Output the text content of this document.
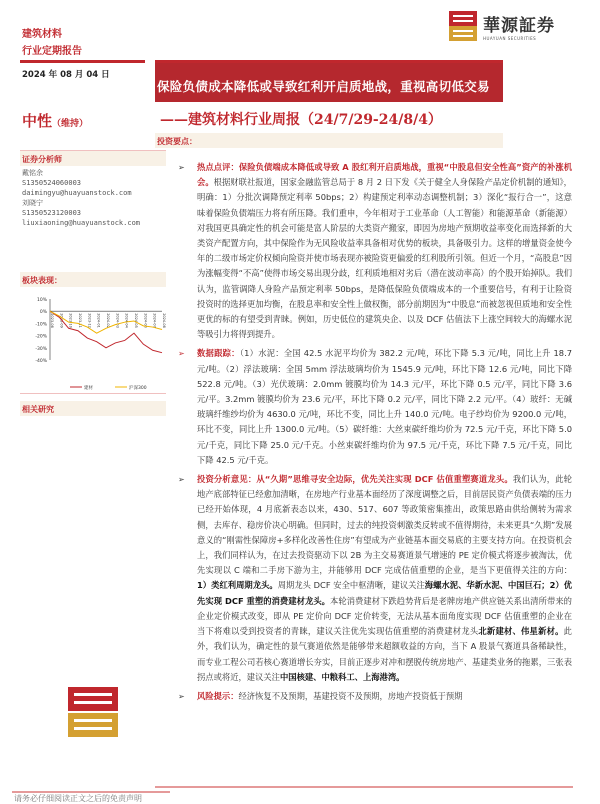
建筑材料
行业定期报告
2024 年 08 月 04 日
中性（维持）
華源証券
HUAYUAN SECURITIES
保险负债成本降低或导致红利开启质地战，重视高切低交易
——建筑材料行业周报（24/7/29-24/8/4）
投资要点：
证券分析师
戴铭余
S1350524060003
daimingyu@huayuanstock.com
刘晓宁
S1350523120003
liuxiaoning@huayuanstock.com
板块表现：
10%
0%
-10%
-20%
-30%
-40%
2023-08 2023-09 2023-10 2023-11 2023-12 2024-01 2024-02 2024-03 2024-04 2024-05 2024-06 2024-07 2024-08
建材	沪深300
相关研究
➢ 热点点评：保险负债端成本降低或导致 A 股红利开启质地战，重视“中股息但安全性高”资产的补涨机会。根据财联社报道，国家金融监管总局于 8 月 2 日下发《关于健全人身保险产品定价机制的通知》，明确：1）分批次调降预定利率 50bps；2）构建预定利率动态调整机制；3）深化“报行合一”，这意味着保险负债端压力将有所压降。我们重申，今年相对于工业革命（人工智能）和能源革命（新能源）对我国更具确定性的机会可能是富人阶层的大类资产搬家，即因为房地产预期收益率变化而选择新的大类资产配置方向，其中保险作为无风险收益率具备相对优势的板块，具备吸引力。这样的增量资金使今年的二级市场定价权倾向险资并使市场表现亦被险资更偏爱的红利股所引领。但近一个月，“高股息”因为涨幅变得“不高”使得市场交易出现分歧，红利质地相对劣后（潜在波动率高）的个股开始掉队。我们认为，监管调降人身险产品预定利率 50bps，是降低保险负债端成本的一个重要信号，有利于让险资投资时的选择更加均衡，在股息率和安全性上做权衡，部分前期因为“中股息”而被忽视但质地和安全性更优的标的有望受到青睐。例如，历史低位的建筑央企、以及 DCF 估值法下上涨空间较大的海螺水泥等吸引力将得到提升。
➢ 数据跟踪：（1）水泥：全国 42.5 水泥平均价为 382.2 元/吨，环比下降 5.3 元/吨，同比上升 18.7 元/吨。（2）浮法玻璃：全国 5mm 浮法玻璃均价为 1545.9 元/吨，环比下降 12.6 元/吨，同比下降 522.8 元/吨。（3）光伏玻璃：2.0mm 镀膜均价为 14.3 元/平，环比下降 0.5 元/平，同比下降 3.6 元/平。3.2mm 镀膜均价为 23.6 元/平，环比下降 0.2 元/平，同比下降 2.2 元/平。（4）玻纤：无碱玻璃纤维纱均价为 4630.0 元/吨，环比不变，同比上升 140.0 元/吨。电子纱均价为 9200.0 元/吨，环比不变，同比上升 1300.0 元/吨。（5）碳纤维：大丝束碳纤维均价为 72.5 元/千克，环比下降 5.0 元/千克，同比下降 25.0 元/千克。小丝束碳纤维均价为 97.5 元/千克，环比下降 7.5 元/千克，同比下降 42.5 元/千克。
➢ 投资分析意见：从“久期”思维寻安全边际，优先关注实现 DCF 估值重塑赛道龙头。我们认为，此轮地产底部特征已经愈加清晰，在房地产行业基本面经历了深度调整之后，目前居民资产负债表端的压力已经开始体现，4 月底新表态以来，430、517、607 等政策密集推出，政策思路由供给侧转为需求侧，去库存、稳房价决心明确。但同时，过去的纯投资刺激类反转或不值得期待，未来更具“久期”发展意义的“刚需性保障房+多样化改善性住房”有望成为产业链基本面交易底的主要支持方向。在投资机会上，我们同样认为，在过去投资驱动下以 2B 为主交易赛道景气增速的 PE 定价模式将逐步被淘汰，优先实现以 C 端和二手房下游为主，并能够用 DCF 完成估值重塑的企业，是当下更值得关注的方向：1）类红利周期龙头。周期龙头 DCF 安全中枢清晰，建议关注海螺水泥、华新水泥、中国巨石；2）优先实现 DCF 重塑的消费建材龙头。本轮消费建材下跌趋势背后是老牌房地产供应链关系出清所带来的企业定价模式改变，即从 PE 定价向 DCF 定价转变，无法从基本面角度实现 DCF 估值重塑的企业在当下将难以受到投资者的青睐，建议关注优先实现估值重塑的消费建材龙头北新建材、伟星新材。此外，我们认为，确定性的景气赛道依然是能够带来超额收益的方向，当下 A 股景气赛道具备稀缺性，而专业工程公司若核心赛道增长夯实，目前正逐步对冲和摆脱传统房地产、基建类业务的拖累，三张表拐点或将近，建议关注中国核建、中粮科工、上海港湾。
➢ 风险提示：经济恢复不及预期，基建投资不及预期，房地产投资低于预期
请务必仔细阅读正文之后的免责声明
